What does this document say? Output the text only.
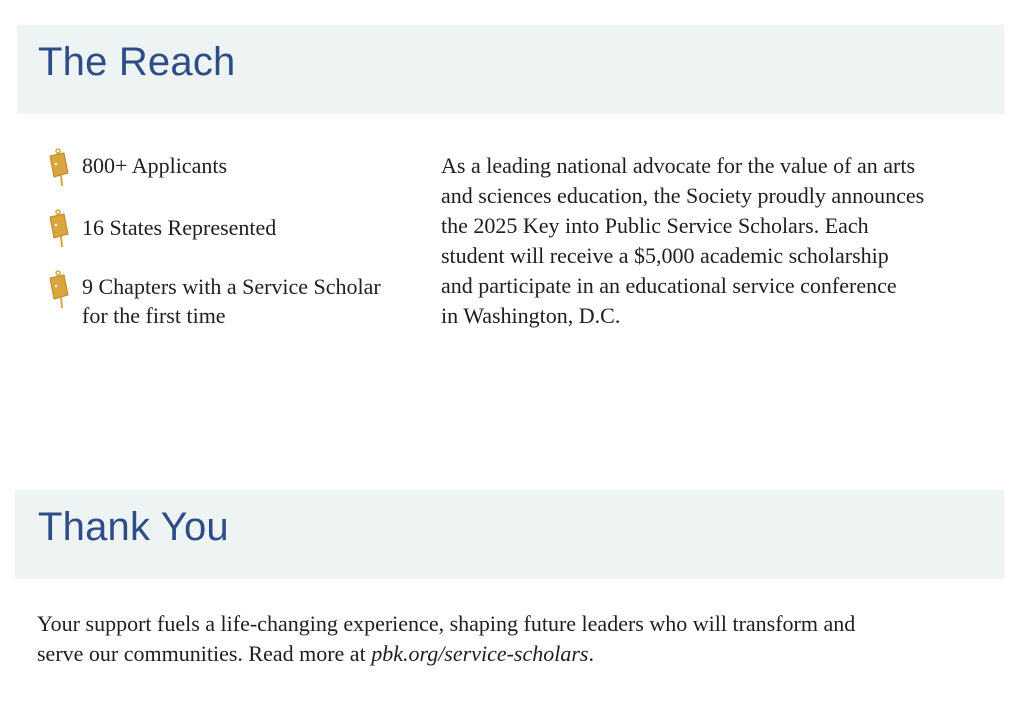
The Reach
800+ Applicants
16 States Represented
9 Chapters with a Service Scholar
for the first time

As a leading national advocate for the value of an arts
and sciences education, the Society proudly announces
the 2025 Key into Public Service Scholars. Each
student will receive a $5,000 academic scholarship
and participate in an educational service conference
in Washington, D.C.

Thank You

Your support fuels a life-changing experience, shaping future leaders who will transform and
serve our communities. Read more at pbk.org/service-scholars.
